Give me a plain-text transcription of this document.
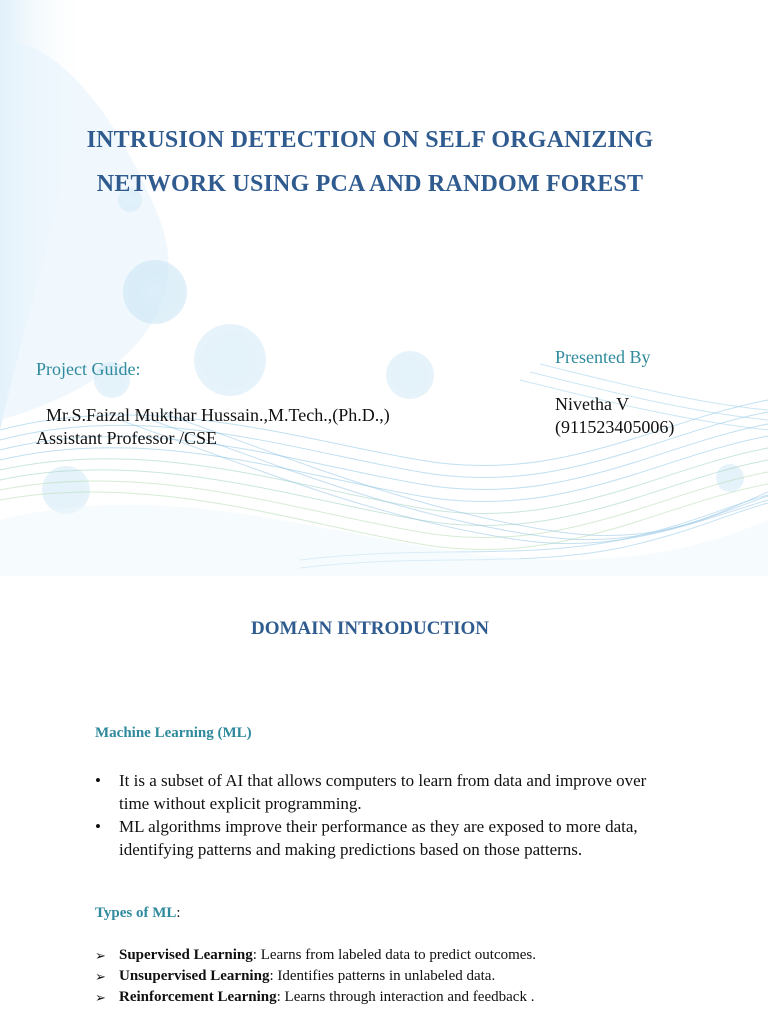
INTRUSION DETECTION ON SELF ORGANIZING
NETWORK USING PCA AND RANDOM FOREST
Project Guide:
Mr.S.Faizal Mukthar Hussain.,M.Tech.,(Ph.D.,)
Assistant Professor /CSE
Presented By
Nivetha V
(911523405006)
DOMAIN INTRODUCTION
Machine Learning (ML)
• It is a subset of AI that allows computers to learn from data and improve over time without explicit programming.
• ML algorithms improve their performance as they are exposed to more data, identifying patterns and making predictions based on those patterns.
Types of ML:
➢ Supervised Learning: Learns from labeled data to predict outcomes.
➢ Unsupervised Learning: Identifies patterns in unlabeled data.
➢ Reinforcement Learning: Learns through interaction and feedback .
